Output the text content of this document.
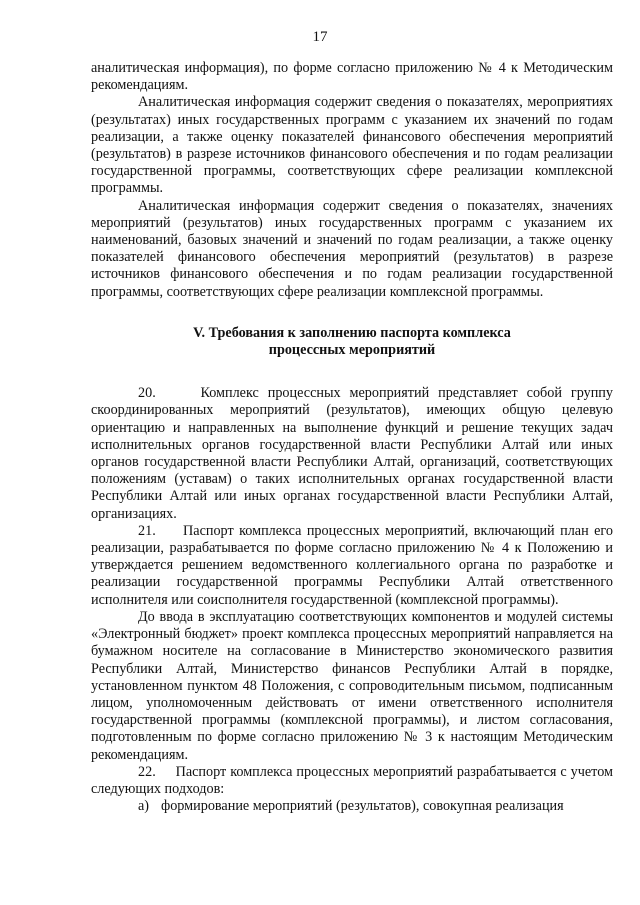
17

аналитическая информация), по форме согласно приложению № 4 к Методическим рекомендациям.

Аналитическая информация содержит сведения о показателях, мероприятиях (результатах) иных государственных программ с указанием их значений по годам реализации, а также оценку показателей финансового обеспечения мероприятий (результатов) в разрезе источников финансового обеспечения и по годам реализации государственной программы, соответствующих сфере реализации комплексной программы.

Аналитическая информация содержит сведения о показателях, значениях мероприятий (результатов) иных государственных программ с указанием их наименований, базовых значений и значений по годам реализации, а также оценку показателей финансового обеспечения мероприятий (результатов) в разрезе источников финансового обеспечения и по годам реализации государственной программы, соответствующих сфере реализации комплексной программы.

V. Требования к заполнению паспорта комплекса
процессных мероприятий

20.     Комплекс процессных мероприятий представляет собой группу скоординированных мероприятий (результатов), имеющих общую целевую ориентацию и направленных на выполнение функций и решение текущих задач исполнительных органов государственной власти Республики Алтай или иных органов государственной власти Республики Алтай, организаций, соответствующих положениям (уставам) о таких исполнительных органах государственной власти Республики Алтай или иных органах государственной власти Республики Алтай, организациях.

21.     Паспорт комплекса процессных мероприятий, включающий план его реализации, разрабатывается по форме согласно приложению № 4 к Положению и утверждается решением ведомственного коллегиального органа по разработке и реализации государственной программы Республики Алтай ответственного исполнителя или соисполнителя государственной (комплексной программы).

До ввода в эксплуатацию соответствующих компонентов и модулей системы «Электронный бюджет» проект комплекса процессных мероприятий направляется на бумажном носителе на согласование в Министерство экономического развития Республики Алтай, Министерство финансов Республики Алтай в порядке, установленном пунктом 48 Положения, с сопроводительным письмом, подписанным лицом, уполномоченным действовать от имени ответственного исполнителя государственной программы (комплексной программы), и листом согласования, подготовленным по форме согласно приложению № 3 к настоящим Методическим рекомендациям.

22.     Паспорт комплекса процессных мероприятий разрабатывается с учетом следующих подходов:

а) формирование мероприятий (результатов), совокупная реализация
